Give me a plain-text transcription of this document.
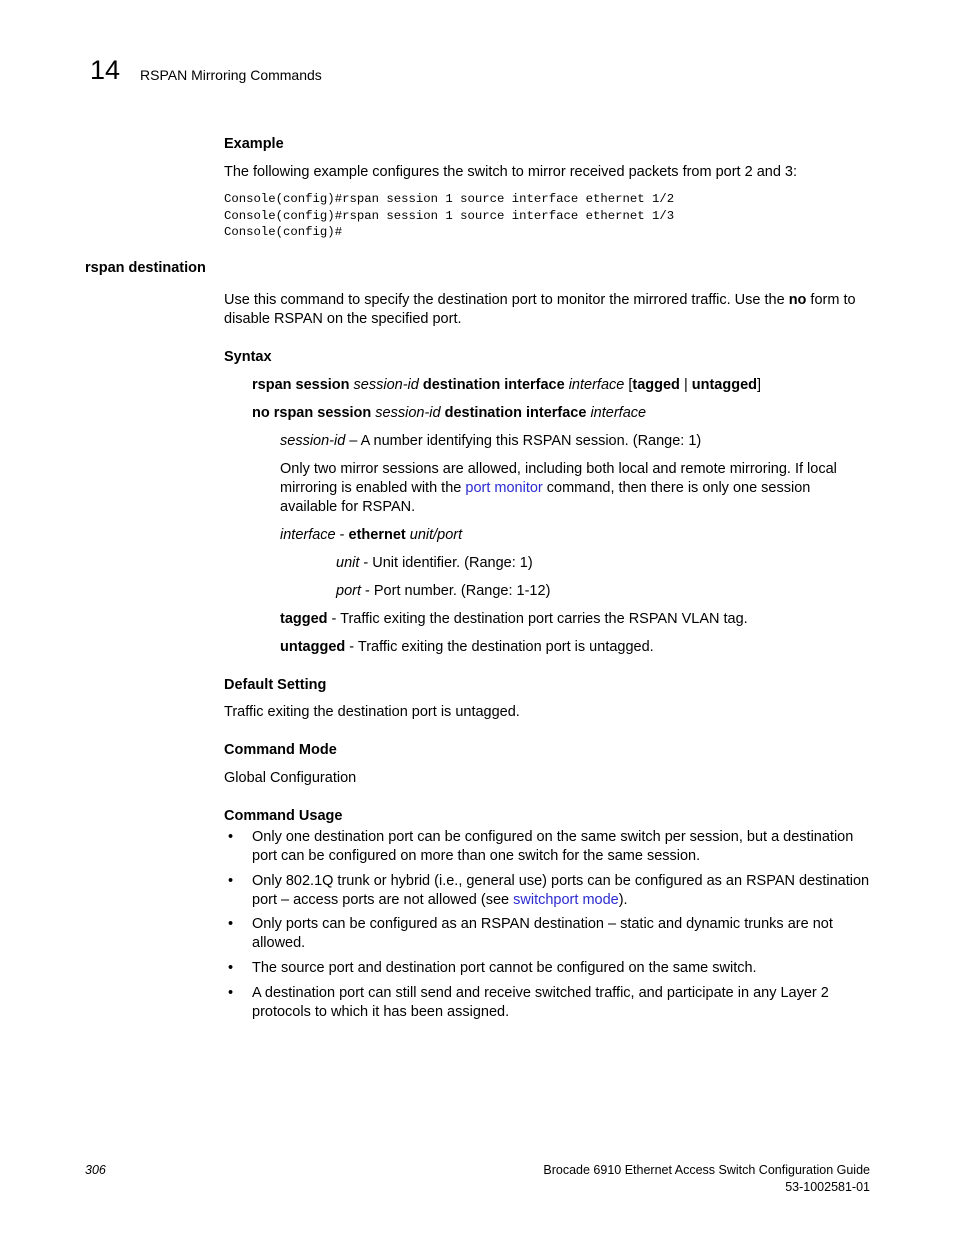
14 RSPAN Mirroring Commands
Example
The following example configures the switch to mirror received packets from port 2 and 3:
Console(config)#rspan session 1 source interface ethernet 1/2
Console(config)#rspan session 1 source interface ethernet 1/3
Console(config)#
rspan destination
Use this command to specify the destination port to monitor the mirrored traffic. Use the no form to disable RSPAN on the specified port.
Syntax
rspan session session-id destination interface interface [tagged | untagged]
no rspan session session-id destination interface interface
session-id – A number identifying this RSPAN session. (Range: 1)
Only two mirror sessions are allowed, including both local and remote mirroring. If local mirroring is enabled with the port monitor command, then there is only one session available for RSPAN.
interface - ethernet unit/port
unit - Unit identifier. (Range: 1)
port - Port number. (Range: 1-12)
tagged - Traffic exiting the destination port carries the RSPAN VLAN tag.
untagged - Traffic exiting the destination port is untagged.
Default Setting
Traffic exiting the destination port is untagged.
Command Mode
Global Configuration
Command Usage
• Only one destination port can be configured on the same switch per session, but a destination port can be configured on more than one switch for the same session.
• Only 802.1Q trunk or hybrid (i.e., general use) ports can be configured as an RSPAN destination port – access ports are not allowed (see switchport mode).
• Only ports can be configured as an RSPAN destination – static and dynamic trunks are not allowed.
• The source port and destination port cannot be configured on the same switch.
• A destination port can still send and receive switched traffic, and participate in any Layer 2 protocols to which it has been assigned.
306	Brocade 6910 Ethernet Access Switch Configuration Guide
53-1002581-01
